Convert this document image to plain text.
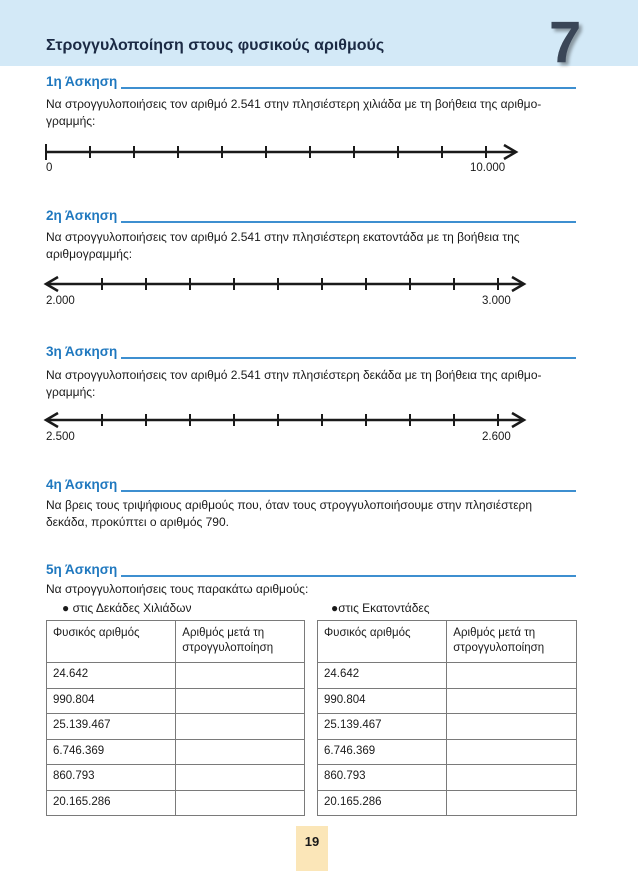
Στρογγυλοποίηση στους φυσικούς αριθμούς	7
1η Άσκηση
Να στρογγυλοποιήσεις τον αριθμό 2.541 στην πλησιέστερη χιλιάδα με τη βοήθεια της αριθμο-γραμμής:
0	10.000
2η Άσκηση
Να στρογγυλοποιήσεις τον αριθμό 2.541 στην πλησιέστερη εκατοντάδα με τη βοήθεια της αριθμογραμμής:
2.000	3.000
3η Άσκηση
Να στρογγυλοποιήσεις τον αριθμό 2.541 στην πλησιέστερη δεκάδα με τη βοήθεια της αριθμο-γραμμής:
2.500	2.600
4η Άσκηση
Να βρεις τους τριψήφιους αριθμούς που, όταν τους στρογγυλοποιήσουμε στην πλησιέστερη δεκάδα, προκύπτει ο αριθμός 790.
5η Άσκηση
Να στρογγυλοποιήσεις τους παρακάτω αριθμούς:
● στις Δεκάδες Χιλιάδων	●στις Εκατοντάδες
Φυσικός αριθμός	Αριθμός μετά τη στρογγυλοποίηση
24.642	
990.804	
25.139.467	
6.746.369	
860.793	
20.165.286	
Φυσικός αριθμός	Αριθμός μετά τη στρογγυλοποίηση
24.642	
990.804	
25.139.467	
6.746.369	
860.793	
20.165.286	
19
